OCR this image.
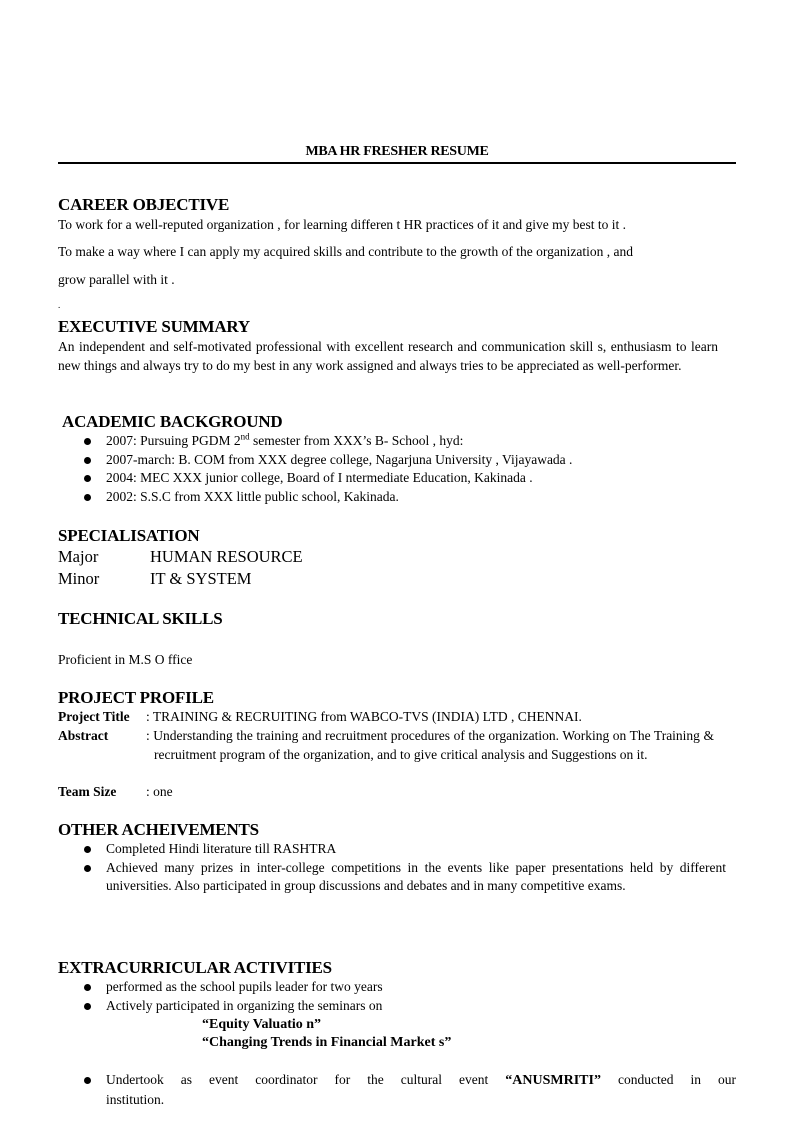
MBA HR FRESHER RESUME
CAREER OBJECTIVE
To work for a well-reputed organization , for learning differen t HR practices of it and give my best to it .
To make a way where I can apply my acquired skills and contribute to the growth of the organization , and
grow parallel with it .
.
EXECUTIVE SUMMARY
An independent and self-motivated professional with excellent research and communication skill s, enthusiasm to learn new things and always try to do my best in any work assigned and always tries to be appreciated as well-performer.
ACADEMIC BACKGROUND
2007: Pursuing PGDM 2nd semester from XXX’s B- School , hyd:
2007-march: B. COM from XXX degree college, Nagarjuna University , Vijayawada .
2004: MEC XXX junior college, Board of I ntermediate Education, Kakinada .
2002: S.S.C from XXX little public school, Kakinada.
SPECIALISATION
Major	HUMAN RESOURCE
Minor	IT & SYSTEM
TECHNICAL SKILLS
Proficient in M.S O ffice
PROJECT PROFILE
Project Title : TRAINING & RECRUITING from WABCO-TVS (INDIA) LTD , CHENNAI.
Abstract	: Understanding the training and recruitment procedures of the organization. Working on The Training & recruitment program of the organization, and to give critical analysis and Suggestions on it.
Team Size : one
OTHER ACHEIVEMENTS
Completed Hindi literature till RASHTRA
Achieved many prizes in inter-college competitions in the events like paper presentations held by different universities. Also participated in group discussions and debates and in many competitive exams.
EXTRACURRICULAR ACTIVITIES
performed as the school pupils leader for two years
Actively participated in organizing the seminars on
“Equity Valuatio n”
“Changing Trends in Financial Market s”
Undertook as event coordinator for the cultural event “ANUSMRITI” conducted in our institution.
